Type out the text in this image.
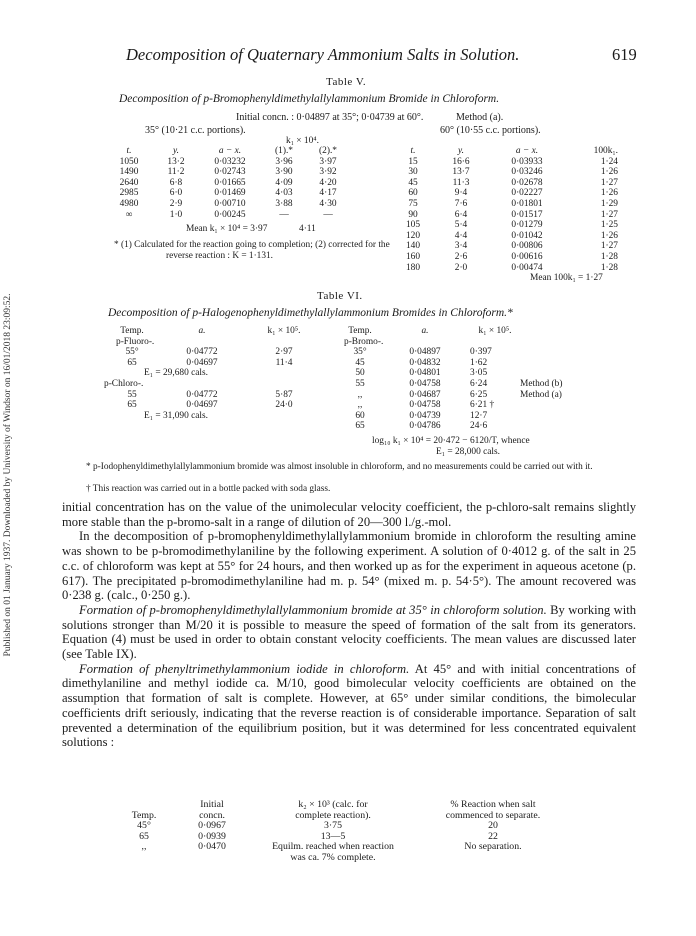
Published on 01 January 1937. Downloaded by University of Windsor on 16/01/2018 23:09:52.
Decomposition of Quaternary Ammonium Salts in Solution.	619
Table V.
Decomposition of p-Bromophenyldimethylallylammonium Bromide in Chloroform.
Initial concn. : 0·04897 at 35°; 0·04739 at 60°.	Method (a).
35° (10·21 c.c. portions).	60° (10·55 c.c. portions).
k₁ × 10⁴.
t.	y.	a − x.	(1).*	(2).*
1050	13·2	0·03232	3·96	3·97
1490	11·2	0·02743	3·90	3·92
2640	6·8	0·01665	4·09	4·20
2985	6·0	0·01469	4·03	4·17
4980	2·9	0·00710	3·88	4·30
∞	1·0	0·00245	—	—
Mean k₁ × 10⁴ = 3·97	4·11
* (1) Calculated for the reaction going to completion; (2) corrected for the reverse reaction : K = 1·131.
t.	y.	a − x.	100k₁.
15	16·6	0·03933	1·24
30	13·7	0·03246	1·26
45	11·3	0·02678	1·27
60	9·4	0·02227	1·26
75	7·6	0·01801	1·29
90	6·4	0·01517	1·27
105	5·4	0·01279	1·25
120	4·4	0·01042	1·26
140	3·4	0·00806	1·27
160	2·6	0·00616	1·28
180	2·0	0·00474	1·28
Mean 100k₁ = 1·27
Table VI.
Decomposition of p-Halogenophenyldimethylallylammonium Bromides in Chloroform.*
Temp.	a.	k₁ × 10⁵.
p-Fluoro-.		
55°	0·04772	2·97
65	0·04697	11·4
E₁ = 29,680 cals.		
p-Chloro-.		
55	0·04772	5·87
65	0·04697	24·0
E₁ = 31,090 cals.		
Temp.	a.	k₁ × 10⁵.	
p-Bromo-.			
35°	0·04897	0·397	
45	0·04832	1·62	
50	0·04801	3·05	
55	0·04758	6·24	Method (b)
,,	0·04687	6·25	Method (a)
,,	0·04758	6·21 †	
60	0·04739	12·7	
65	0·04786	24·6	
log₁₀ k₁ × 10⁴ = 20·472 − 6120/T, whence
E₁ = 28,000 cals.
* p-Iodophenyldimethylallylammonium bromide was almost insoluble in chloroform, and no measurements could be carried out with it.
† This reaction was carried out in a bottle packed with soda glass.

initial concentration has on the value of the unimolecular velocity coefficient, the p-chloro-salt remains slightly more stable than the p-bromo-salt in a range of dilution of 20—300 l./g.-mol.

In the decomposition of p-bromophenyldimethylallylammonium bromide in chloroform the resulting amine was shown to be p-bromodimethylaniline by the following experiment. A solution of 0·4012 g. of the salt in 25 c.c. of chloroform was kept at 55° for 24 hours, and then worked up as for the experiment in aqueous acetone (p. 617). The precipitated p-bromodimethylaniline had m. p. 54° (mixed m. p. 54·5°). The amount recovered was 0·238 g. (calc., 0·250 g.).

Formation of p-bromophenyldimethylallylammonium bromide at 35° in chloroform solution. By working with solutions stronger than M/20 it is possible to measure the speed of formation of the salt from its generators. Equation (4) must be used in order to obtain constant velocity coefficients. The mean values are discussed later (see Table IX).

Formation of phenyltrimethylammonium iodide in chloroform. At 45° and with initial concentrations of dimethylaniline and methyl iodide ca. M/10, good bimolecular velocity coefficients are obtained on the assumption that formation of salt is complete. However, at 65° under similar conditions, the bimolecular coefficients drift seriously, indicating that the reverse reaction is of considerable importance. Separation of salt prevented a determination of the equilibrium position, but it was determined for less concentrated equivalent solutions :

	Initial	k₂ × 10³ (calc. for	% Reaction when salt
Temp.	concn.	complete reaction).	commenced to separate.
45°	0·0967	3·75	20
65	0·0939	13—5	22
,,	0·0470	Equilm. reached when reaction	No separation.
		was ca. 7% complete.	
